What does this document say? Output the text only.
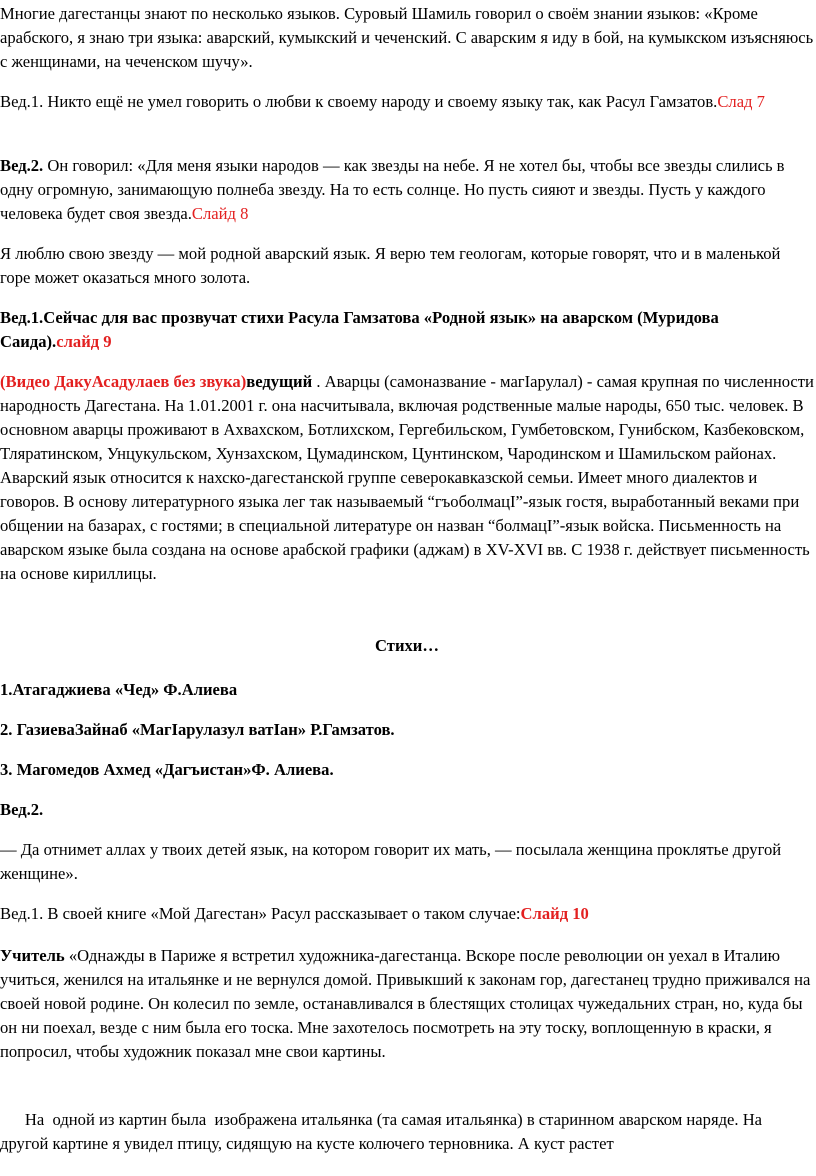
Многие дагестанцы знают по несколько языков. Суровый Шамиль говорил о своём знании языков: «Кроме арабского, я знаю три языка: аварский, кумыкский и чеченский. С аварским я иду в бой, на кумыкском изъясняюсь с женщинами, на чеченском шучу».

Вед.1. Никто ещё не умел говорить о любви к своему народу и своему языку так, как Расул Гамзатов.Слад 7

Вед.2. Он говорил: «Для меня языки народов — как звезды на небе. Я не хотел бы, чтобы все звезды слились в одну огромную, занимающую полнеба звезду. На то есть солнце. Но пусть сияют и звезды. Пусть у каждого человека будет своя звезда.Слайд 8

Я люблю свою звезду — мой родной аварский язык. Я верю тем геологам, которые говорят, что и в маленькой горе может оказаться много золота.

Вед.1.Сейчас для вас прозвучат стихи Расула Гамзатова «Родной язык» на аварском (Муридова Саида).слайд 9

(Видео ДакуАсадулаев без звука)ведущий . Аварцы (самоназвание - магIарулал) - самая крупная по численности народность Дагестана. На 1.01.2001 г. она насчитывала, включая родственные малые народы, 650 тыс. человек. В основном аварцы проживают в Ахвахском, Ботлихском, Гергебильском, Гумбетовском, Гунибском, Казбековском, Тляратинском, Унцукульском, Хунзахском, Цумадинском, Цунтинском, Чародинском и Шамильском районах. Аварский язык относится к нахско-дагестанской группе северокавказской семьи. Имеет много диалектов и говоров. В основу литературного языка лег так называемый “гъоболмацI”-язык гостя, выработанный веками при общении на базарах, с гостями; в специальной литературе он назван “болмацI”-язык войска. Письменность на аварском языке была создана на основе арабской графики (аджам) в XV-XVI вв. С 1938 г. действует письменность на основе кириллицы.

Стихи…

1.Атагаджиева «Чед» Ф.Алиева

2. ГазиеваЗайнаб «МагIарулазул ватIан» Р.Гамзатов.

3. Магомедов Ахмед «Дагъистан»Ф. Алиева.

Вед.2.

— Да отнимет аллах у твоих детей язык, на котором говорит их мать, — посылала женщина проклятье другой женщине».

Вед.1. В своей книге «Мой Дагестан» Расул рассказывает о таком случае:Слайд 10

Учитель «Однажды в Париже я встретил художника-дагестанца. Вскоре после революции он уехал в Италию учиться, женился на итальянке и не вернулся домой. Привыкший к законам гор, дагестанец трудно приживался на своей новой родине. Он колесил по земле, останавливался в блестящих столицах чужедальних стран, но, куда бы он ни поехал, везде с ним была его тоска. Мне захотелось посмотреть на эту тоску, воплощенную в краски, я попросил, чтобы художник показал мне свои картины.

На  одной из картин была  изображена итальянка (та самая итальянка) в старинном аварском наряде. На другой картине я увидел птицу, сидящую на кусте колючего терновника. А куст растет
